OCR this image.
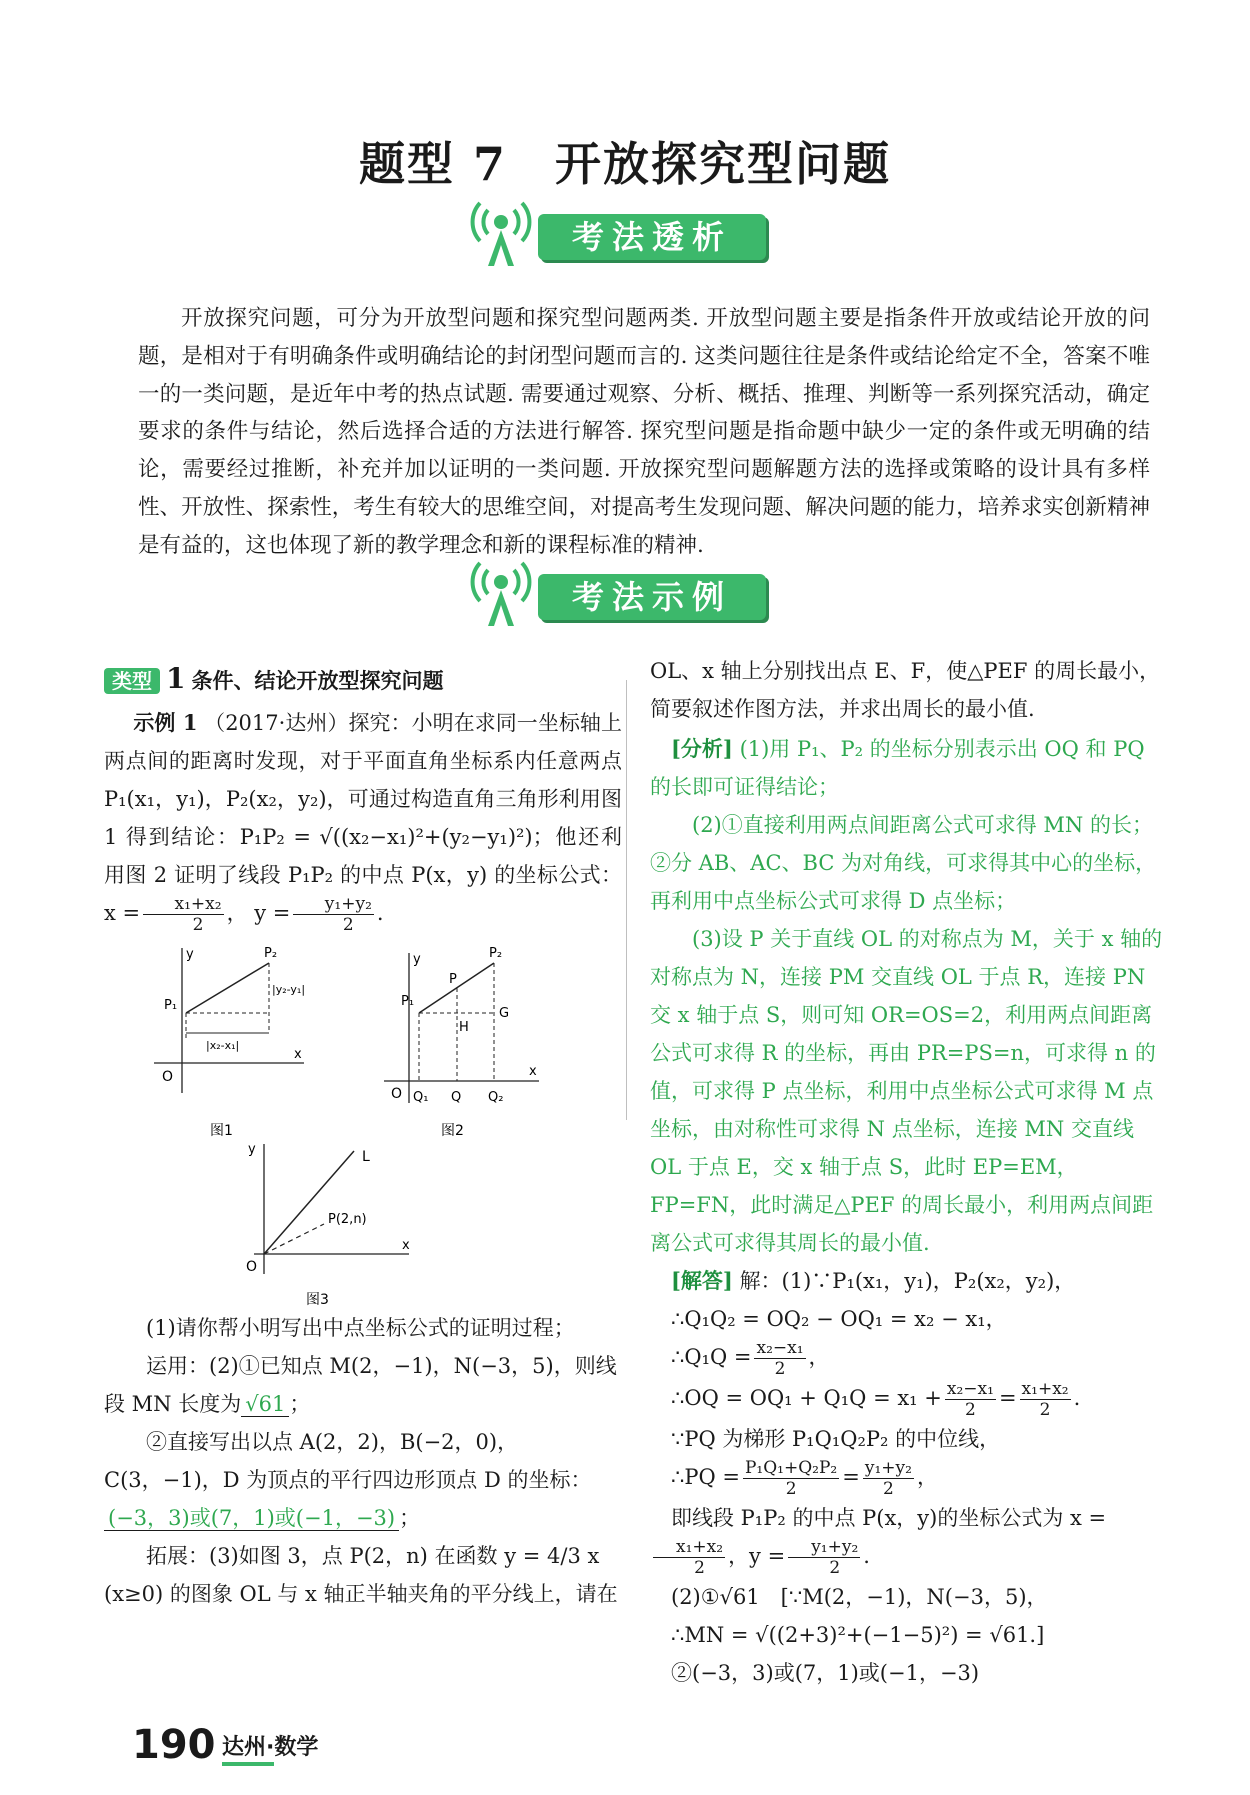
题型 7　开放探究型问题
考法透析
开放探究问题，可分为开放型问题和探究型问题两类. 开放型问题主要是指条件开放或结论开放的问题，是相对于有明确条件或明确结论的封闭型问题而言的. 这类问题往往是条件或结论给定不全，答案不唯一的一类问题，是近年中考的热点试题. 需要通过观察、分析、概括、推理、判断等一系列探究活动，确定要求的条件与结论，然后选择合适的方法进行解答. 探究型问题是指命题中缺少一定的条件或无明确的结论，需要经过推断，补充并加以证明的一类问题. 开放探究型问题解题方法的选择或策略的设计具有多样性、开放性、探索性，考生有较大的思维空间，对提高考生发现问题、解决问题的能力，培养求实创新精神是有益的，这也体现了新的教学理念和新的课程标准的精神.
考法示例
类型 1 条件、结论开放型探究问题
示例 1 （2017·达州）探究：小明在求同一坐标轴上两点间的距离时发现，对于平面直角坐标系内任意两点 P₁(x₁，y₁)，P₂(x₂，y₂)，可通过构造直角三角形利用图 1 得到结论：P₁P₂ = √((x₂−x₁)²+(y₂−y₁)²)；他还利用图 2 证明了线段 P₁P₂ 的中点 P(x，y) 的坐标公式： $x = \frac{\text{x₁+x₂}}{2}$ ， $y = \frac{\text{y₁+y₂}}{2}$ .
y
x
O
P₁
P₂
|y₂-y₁|
|x₂-x₁|
图1
y
x
O
P₁
P₂
P
H
G
Q₁ Q Q₂
图2
y
x
O
L
P(2,n)
图3
(1)请你帮小明写出中点坐标公式的证明过程；
运用：(2)①已知点 M(2，−1)，N(−3，5)，则线段 MN 长度为 √61 ；
②直接写出以点 A(2，2)，B(−2，0)，C(3，−1)，D 为顶点的平行四边形顶点 D 的坐标：(−3，3)或(7，1)或(−1，−3) ；
拓展：(3)如图 3，点 P(2，n) 在函数 y = 4/3 x (x≥0) 的图象 OL 与 x 轴正半轴夹角的平分线上，请在
OL、x 轴上分别找出点 E、F，使△PEF 的周长最小，简要叙述作图方法，并求出周长的最小值.
[分析] (1)用 P₁、P₂ 的坐标分别表示出 OQ 和 PQ 的长即可证得结论；
(2)①直接利用两点间距离公式可求得 MN 的长；②分 AB、AC、BC 为对角线，可求得其中心的坐标，再利用中点坐标公式可求得 D 点坐标；
(3)设 P 关于直线 OL 的对称点为 M，关于 x 轴的对称点为 N，连接 PM 交直线 OL 于点 R，连接 PN 交 x 轴于点 S，则可知 OR=OS=2，利用两点间距离公式可求得 R 的坐标，再由 PR=PS=n，可求得 n 的值，可求得 P 点坐标，利用中点坐标公式可求得 M 点坐标，由对称性可求得 N 点坐标，连接 MN 交直线 OL 于点 E，交 x 轴于点 S，此时 EP=EM，FP=FN，此时满足△PEF 的周长最小，利用两点间距离公式可求得其周长的最小值.
[解答] 解：(1)∵P₁(x₁，y₁)，P₂(x₂，y₂)，
∴Q₁Q₂ = OQ₂ − OQ₁ = x₂ − x₁，
∴Q₁Q = $\frac{\text{x₂−x₁}}{2}$ ，
∴OQ = $OQ_1 + Q_1Q = x_1 + \frac{\text{x₂−x₁}}{2} = \frac{\text{x₁+x₂}}{2}$ .
∵PQ 为梯形 P₁Q₁Q₂P₂ 的中位线，
∴PQ = $\frac{\text{P₁Q₁+Q₂P₂}}{2} = \frac{\text{y₁+y₂}}{2}$ ，
即线段 P₁P₂ 的中点 P(x，y)的坐标公式为 x =
$\frac{\text{x₁+x₂}}{2}$ ，$y = \frac{\text{y₁+y₂}}{2}$ .
(2)①√61　[∵M(2，−1)，N(−3，5)，
∴MN = √((2+3)²+(−1−5)²) = √61.]
②(−3，3)或(7，1)或(−1，−3)
190 达州·数学
